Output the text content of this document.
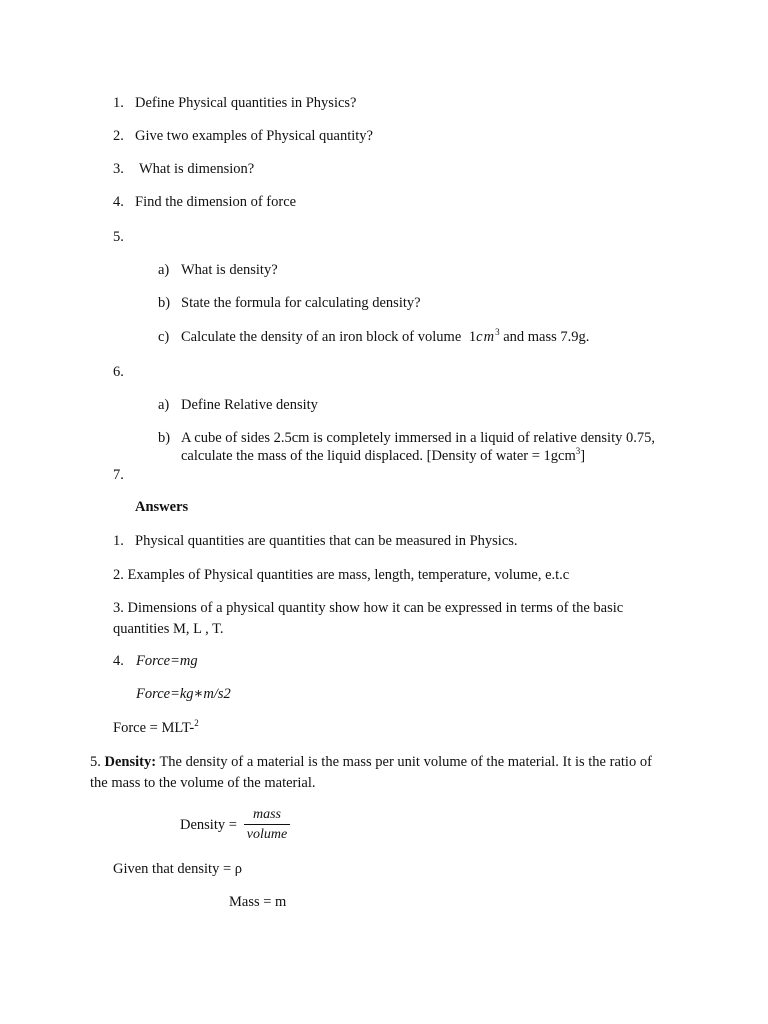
1. Define Physical quantities in Physics?
2. Give two examples of Physical quantity?
3. What is dimension?
4. Find the dimension of force
5.
a) What is density?
b) State the formula for calculating density?
c) Calculate the density of an iron block of volume $1cm^3$ and mass 7.9g.
6.
a) Define Relative density
b) A cube of sides 2.5cm is completely immersed in a liquid of relative density 0.75,
calculate the mass of the liquid displaced. [Density of water = 1gcm$^3$]
7.
Answers
1. Physical quantities are quantities that can be measured in Physics.
2. Examples of Physical quantities are mass, length, temperature, volume, e.t.c
3. Dimensions of a physical quantity show how it can be expressed in terms of the basic
quantities M, L , T.
4. Force=mg
Force=kg∗m/s2
Force = MLT-$^2$
5. Density: The density of a material is the mass per unit volume of the material. It is the ratio of
the mass to the volume of the material.
Density =
mass
volume
Given that density = ρ
Mass = m
